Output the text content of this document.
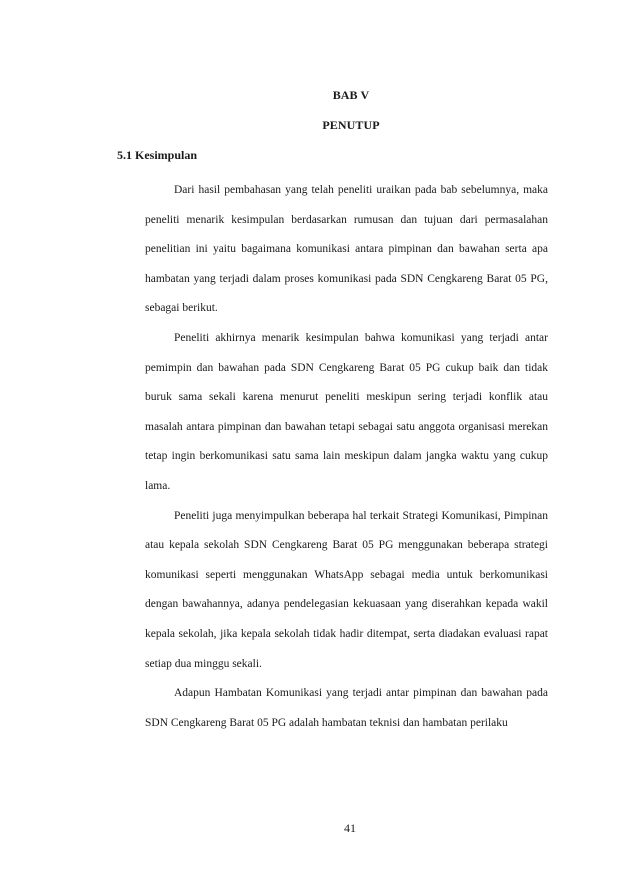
BAB V
PENUTUP
5.1 Kesimpulan

Dari hasil pembahasan yang telah peneliti uraikan pada bab sebelumnya, maka peneliti menarik kesimpulan berdasarkan rumusan dan tujuan dari permasalahan penelitian ini yaitu bagaimana komunikasi antara pimpinan dan bawahan serta apa hambatan yang terjadi dalam proses komunikasi pada SDN Cengkareng Barat 05 PG, sebagai berikut.

Peneliti akhirnya menarik kesimpulan bahwa komunikasi yang terjadi antar pemimpin dan bawahan pada SDN Cengkareng Barat 05 PG cukup baik dan tidak buruk sama sekali karena menurut peneliti meskipun sering terjadi konflik atau masalah antara pimpinan dan bawahan tetapi sebagai satu anggota organisasi merekan tetap ingin berkomunikasi satu sama lain meskipun dalam jangka waktu yang cukup lama.

Peneliti juga menyimpulkan beberapa hal terkait Strategi Komunikasi, Pimpinan atau kepala sekolah SDN Cengkareng Barat 05 PG menggunakan beberapa strategi komunikasi seperti menggunakan WhatsApp sebagai media untuk berkomunikasi dengan bawahannya, adanya pendelegasian kekuasaan yang diserahkan kepada wakil kepala sekolah, jika kepala sekolah tidak hadir ditempat, serta diadakan evaluasi rapat setiap dua minggu sekali.

Adapun Hambatan Komunikasi yang terjadi antar pimpinan dan bawahan pada SDN Cengkareng Barat 05 PG adalah hambatan teknisi dan hambatan perilaku

41
